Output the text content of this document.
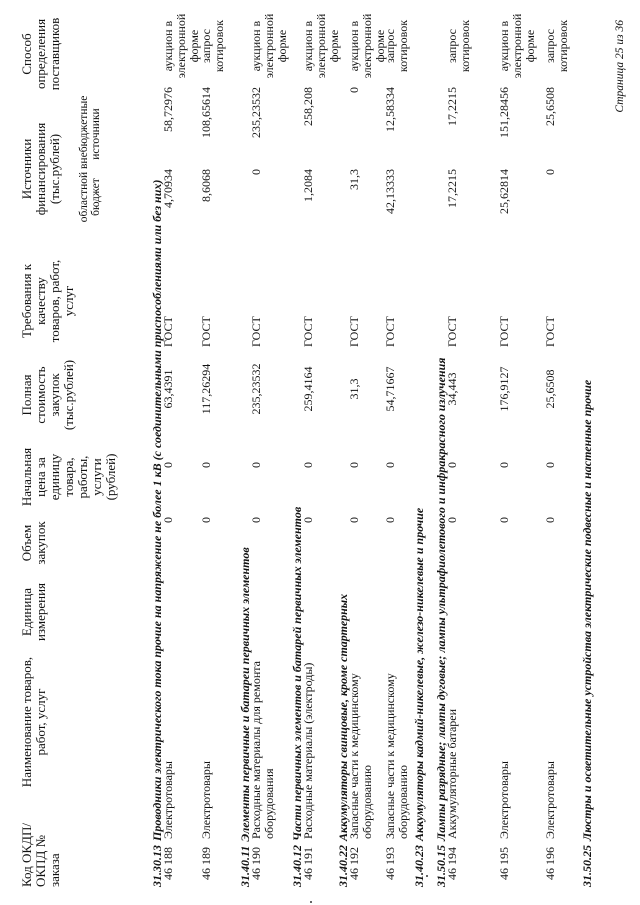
Код ОКДП/ ОКПД № заказа
Наименование товаров, работ, услуг
Единица измерения
Объем закупок
Начальная цена за единицу товара, работы, услуги (рублей)
Полная стоимость закупок (тыс.рублей)
Требования к качеству товаров, работ, услуг
Источники финансирования (тыс.рублей) областной бюджет
внебюджетные источники
Способ определения поставщиков
31.30.13Проводники электрического тока прочие на напряжение не более 1 кВ (с соединительными приспособлениями или без них)
46 188
Электротовары
0
0
63,4391
ГОСТ
4,70934
58,72976
аукцион в электронной форме
46 189
Электротовары
0
0
117,26294
ГОСТ
8,6068
108,65614
запрос котировок
31.40.11Элементы первичные и батареи первичных элементов
46 190
Расходные материалы для ремонта оборудования
0
0
235,23532
ГОСТ
0
235,23532
аукцион в электронной форме
31.40.12Части первичных элементов и батарей первичных элементов
46 191
Расходные материалы (электроды)
0
0
259,4164
ГОСТ
1,2084
258,208
аукцион в электронной форме
31.40.22Аккумуляторы свинцовые, кроме стартерных
46 192
Запасные части к медицинскому оборудованию
0
0
31,3
ГОСТ
31,3
0
аукцион в электронной форме
46 193
Запасные части к медицинскому оборудованию
0
0
54,71667
ГОСТ
42,13333
12,58334
запрос котировок
31.40.23Аккумуляторы кадмий-никелевые, железо-никелевые и прочие
46 194
Аккумуляторные батареи
0
0
34,443
ГОСТ
17,2215
17,2215
запрос котировок
31.50.15Лампы разрядные; лампы дуговые; лампы ультрафиолетового и инфракрасного излучения
46 195
Электротовары
0
0
176,9127
ГОСТ
25,62814
151,28456
аукцион в электронной форме
46 196
Электротовары
0
0
25,6508
ГОСТ
0
25,6508
запрос котировок
31.50.25Люстры и осветительные устройства электрические подвесные и настенные прочие
Страница 25 из 36
